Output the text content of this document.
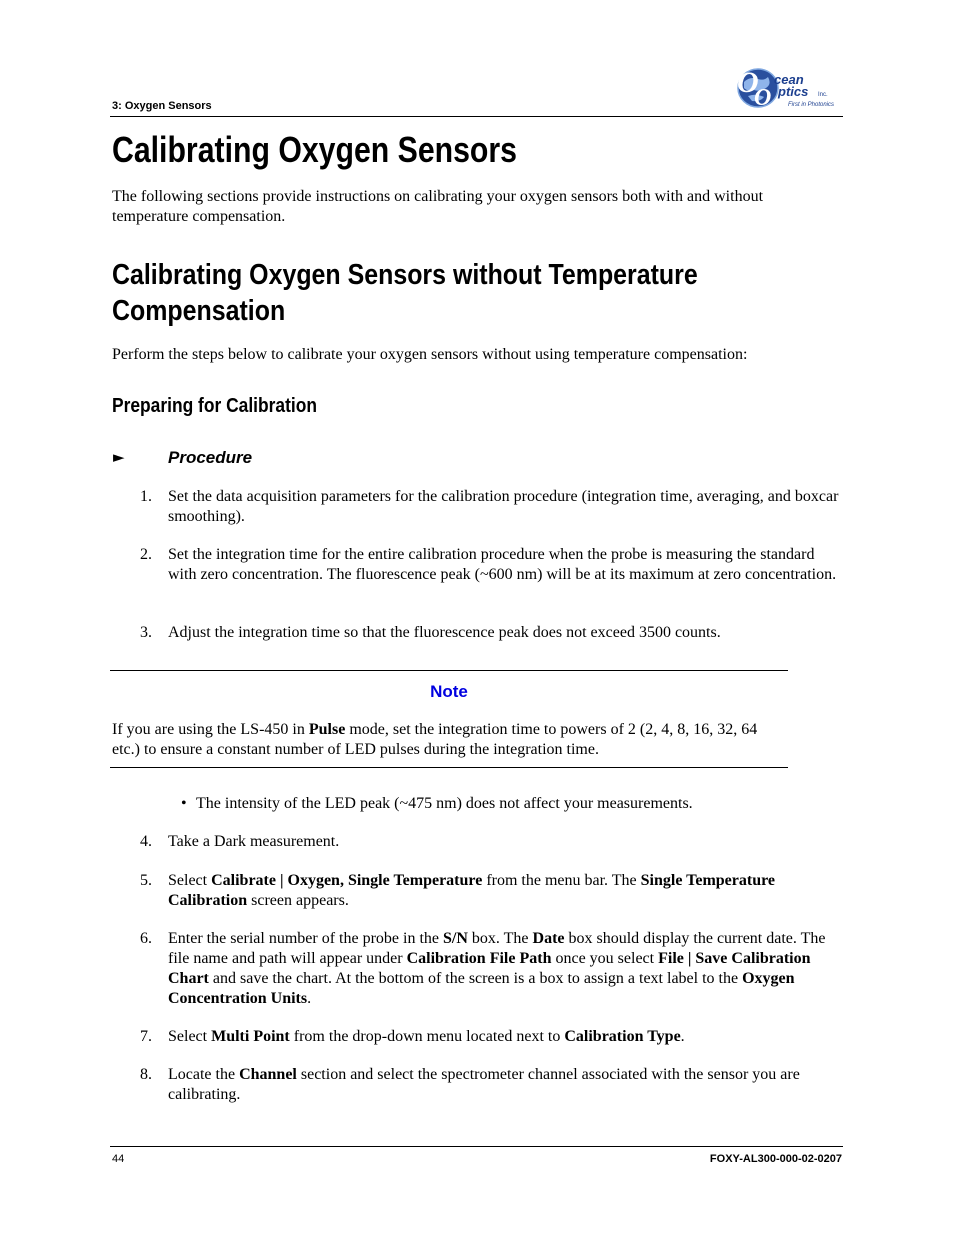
3: Oxygen Sensors
O cean
O ptics Inc.
First in Photonics
Calibrating Oxygen Sensors
The following sections provide instructions on calibrating your oxygen sensors both with and without temperature compensation.
Calibrating Oxygen Sensors without Temperature
Compensation
Perform the steps below to calibrate your oxygen sensors without using temperature compensation:
Preparing for Calibration
►	Procedure
1.	Set the data acquisition parameters for the calibration procedure (integration time, averaging, and boxcar smoothing).
2.	Set the integration time for the entire calibration procedure when the probe is measuring the standard with zero concentration. The fluorescence peak (~600 nm) will be at its maximum at zero concentration.
3.	Adjust the integration time so that the fluorescence peak does not exceed 3500 counts.
Note
If you are using the LS-450 in Pulse mode, set the integration time to powers of 2 (2, 4, 8, 16, 32, 64 etc.) to ensure a constant number of LED pulses during the integration time.
• The intensity of the LED peak (~475 nm) does not affect your measurements.
4.	Take a Dark measurement.
5.	Select Calibrate | Oxygen, Single Temperature from the menu bar. The Single Temperature Calibration screen appears.
6.	Enter the serial number of the probe in the S/N box. The Date box should display the current date. The file name and path will appear under Calibration File Path once you select File | Save Calibration Chart and save the chart. At the bottom of the screen is a box to assign a text label to the Oxygen Concentration Units.
7.	Select Multi Point from the drop-down menu located next to Calibration Type.
8.	Locate the Channel section and select the spectrometer channel associated with the sensor you are calibrating.
44	FOXY-AL300-000-02-0207
